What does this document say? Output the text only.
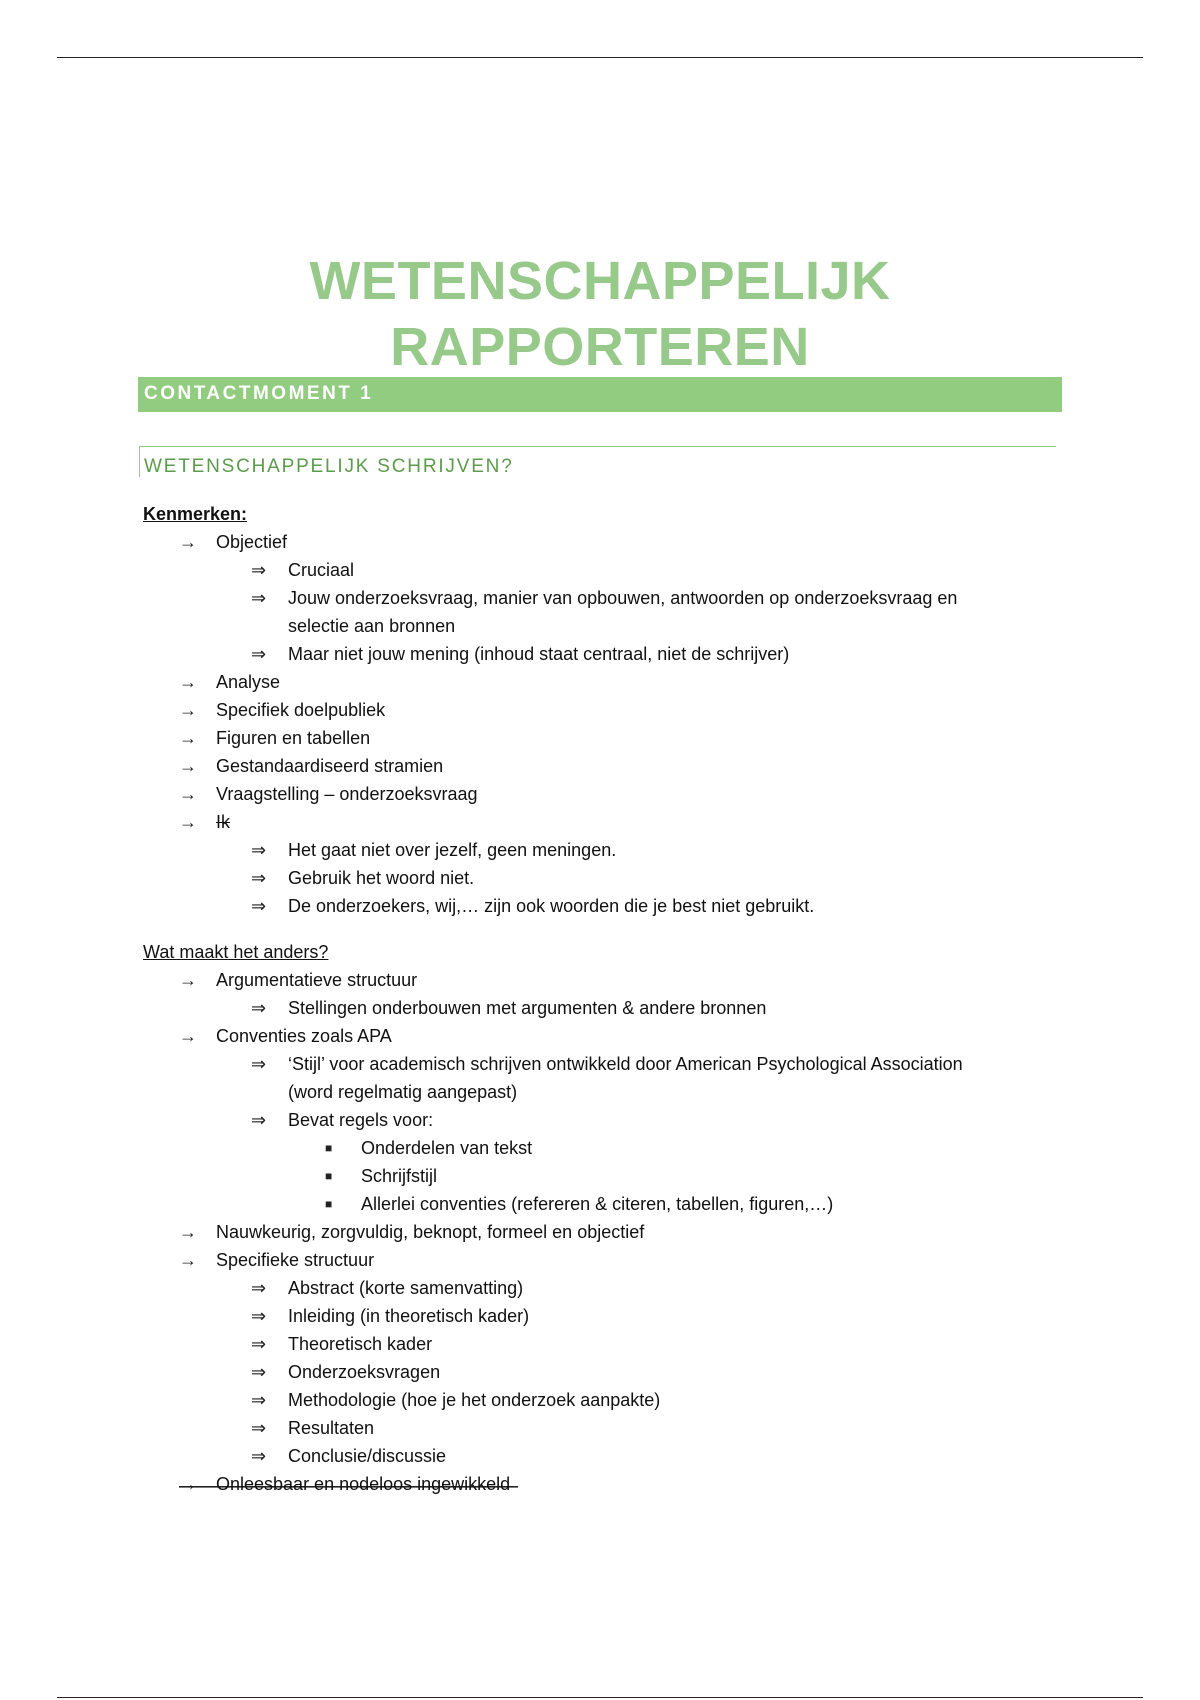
WETENSCHAPPELIJK
RAPPORTEREN
CONTACTMOMENT 1
WETENSCHAPPELIJK SCHRIJVEN?
Kenmerken:
→ Objectief
⇒ Cruciaal
⇒ Jouw onderzoeksvraag, manier van opbouwen, antwoorden op onderzoeksvraag en
selectie aan bronnen
⇒ Maar niet jouw mening (inhoud staat centraal, niet de schrijver)
→ Analyse
→ Specifiek doelpubliek
→ Figuren en tabellen
→ Gestandaardiseerd stramien
→ Vraagstelling – onderzoeksvraag
→ Ik
⇒ Het gaat niet over jezelf, geen meningen.
⇒ Gebruik het woord niet.
⇒ De onderzoekers, wij,… zijn ook woorden die je best niet gebruikt.
Wat maakt het anders?
→ Argumentatieve structuur
⇒ Stellingen onderbouwen met argumenten & andere bronnen
→ Conventies zoals APA
⇒ ‘Stijl’ voor academisch schrijven ontwikkeld door American Psychological Association
(word regelmatig aangepast)
⇒ Bevat regels voor:
■ Onderdelen van tekst
■ Schrijfstijl
■ Allerlei conventies (refereren & citeren, tabellen, figuren,…)
→ Nauwkeurig, zorgvuldig, beknopt, formeel en objectief
→ Specifieke structuur
⇒ Abstract (korte samenvatting)
⇒ Inleiding (in theoretisch kader)
⇒ Theoretisch kader
⇒ Onderzoeksvragen
⇒ Methodologie (hoe je het onderzoek aanpakte)
⇒ Resultaten
⇒ Conclusie/discussie
→ Onleesbaar en nodeloos ingewikkeld
